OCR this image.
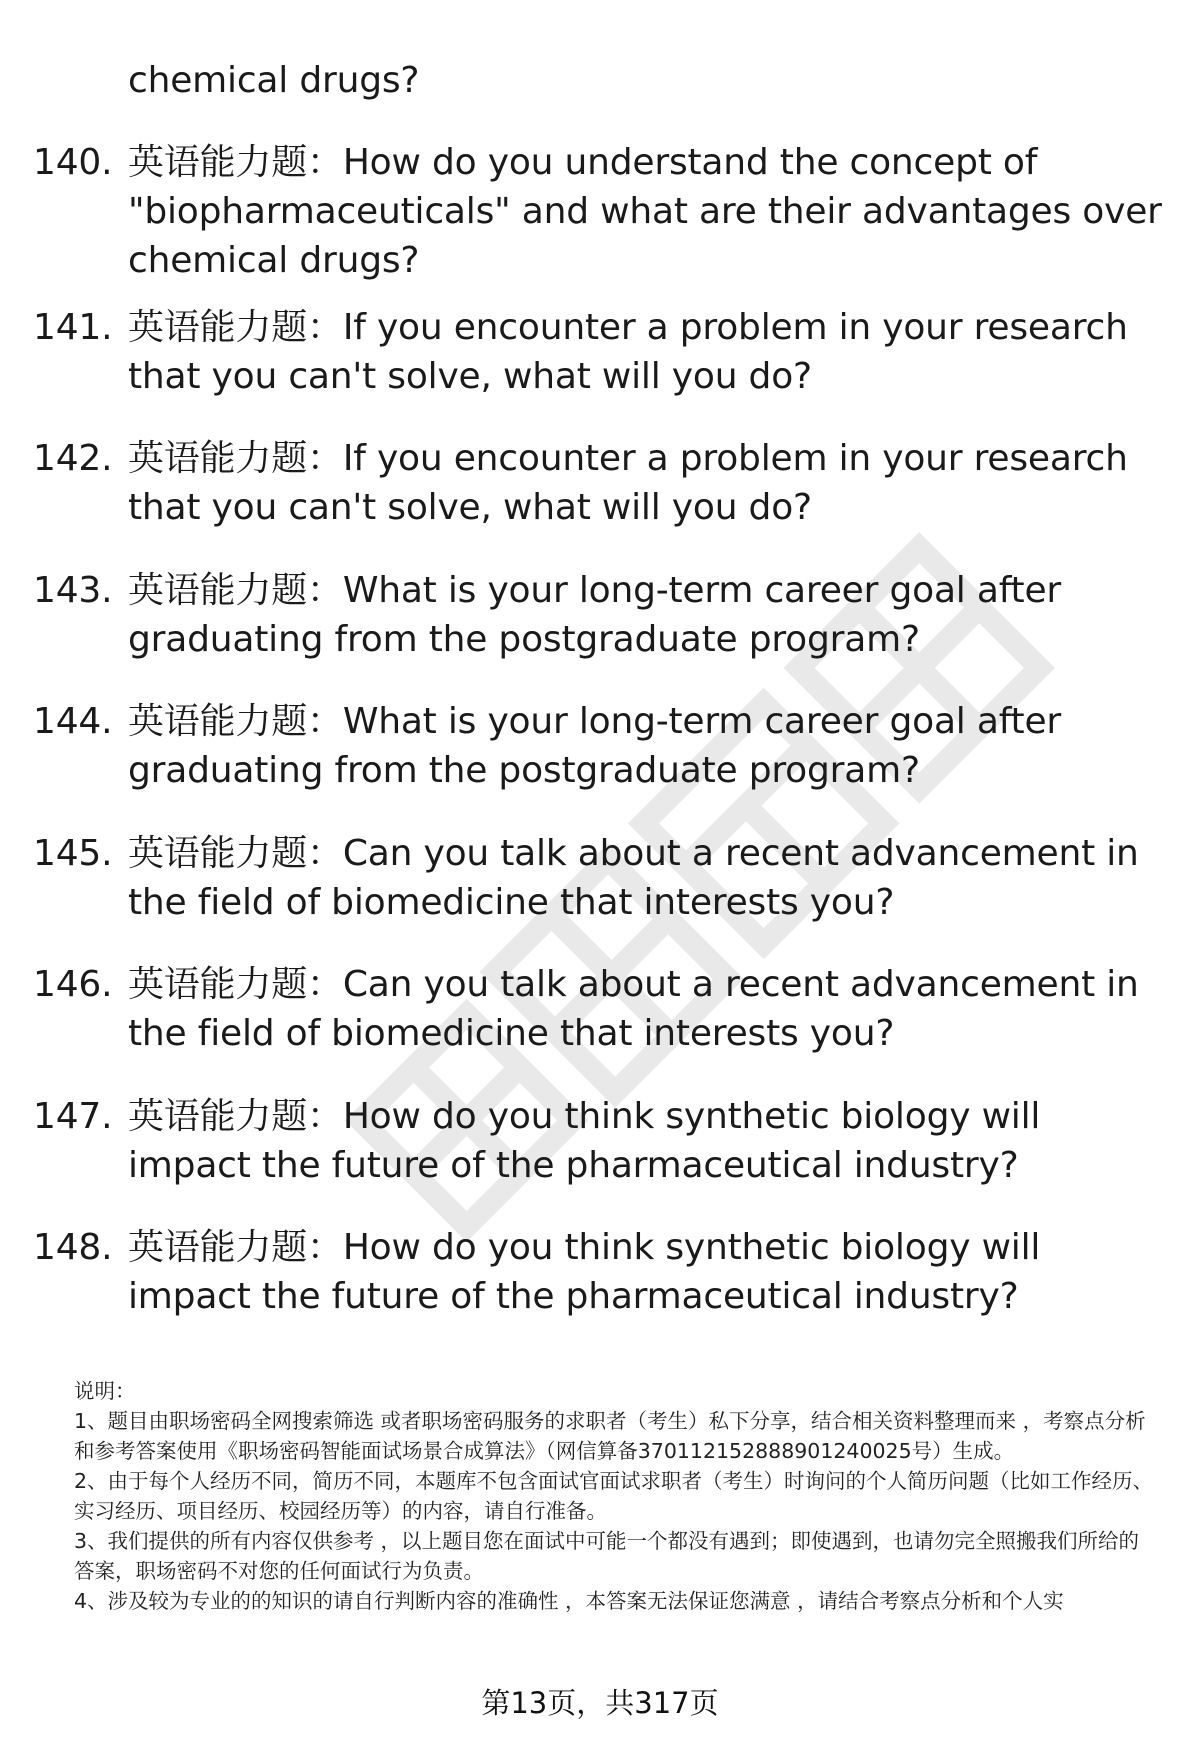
chemical drugs?
140. 英语能力题：How do you understand the concept of "biopharmaceuticals" and what are their advantages over chemical drugs?
141. 英语能力题：If you encounter a problem in your research that you can't solve, what will you do?
142. 英语能力题：If you encounter a problem in your research that you can't solve, what will you do?
143. 英语能力题：What is your long-term career goal after graduating from the postgraduate program?
144. 英语能力题：What is your long-term career goal after graduating from the postgraduate program?
145. 英语能力题：Can you talk about a recent advancement in the field of biomedicine that interests you?
146. 英语能力题：Can you talk about a recent advancement in the field of biomedicine that interests you?
147. 英语能力题：How do you think synthetic biology will impact the future of the pharmaceutical industry?
148. 英语能力题：How do you think synthetic biology will impact the future of the pharmaceutical industry?

说明：

1、题目由职场密码全网搜索筛选 或者职场密码服务的求职者（考生）私下分享，结合相关资料整理而来 ，考察点分析和参考答案使用《职场密码智能面试场景合成算法》（网信算备370112152888901240025号）生成。

2、由于每个人经历不同，简历不同，本题库不包含面试官面试求职者（考生）时询问的个人简历问题（比如工作经历、实习经历、项目经历、校园经历等）的内容，请自行准备。

3、我们提供的所有内容仅供参考 ，以上题目您在面试中可能一个都没有遇到；即使遇到，也请勿完全照搬我们所给的答案，职场密码不对您的任何面试行为负责。

4、涉及较为专业的的知识的请自行判断内容的准确性 ，本答案无法保证您满意 ，请结合考察点分析和个人实

第13页，共317页
